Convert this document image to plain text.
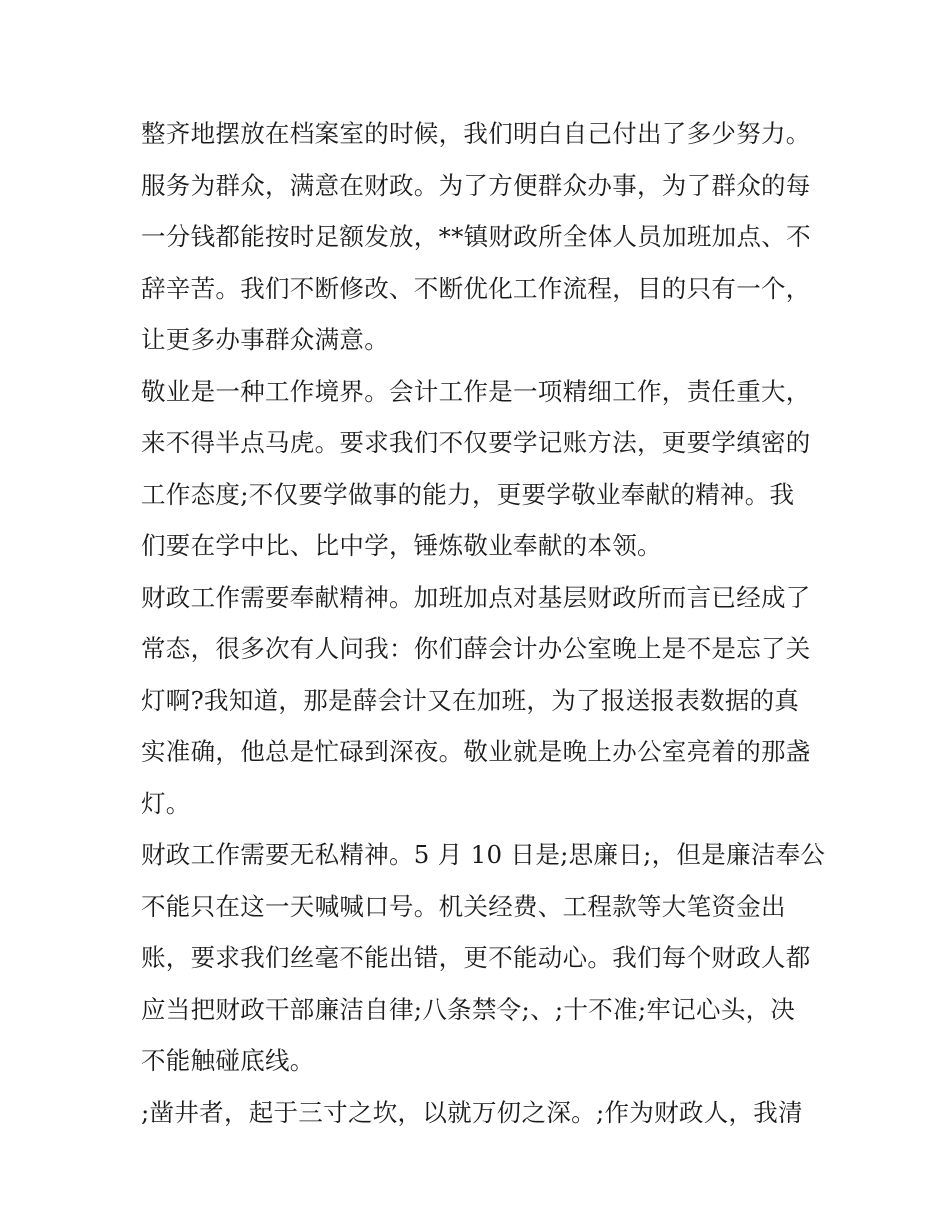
整齐地摆放在档案室的时候，我们明白自己付出了多少努力。
服务为群众，满意在财政。为了方便群众办事，为了群众的每
一分钱都能按时足额发放，**镇财政所全体人员加班加点、不
辞辛苦。我们不断修改、不断优化工作流程，目的只有一个，
让更多办事群众满意。
敬业是一种工作境界。会计工作是一项精细工作，责任重大，
来不得半点马虎。要求我们不仅要学记账方法，更要学缜密的
工作态度;不仅要学做事的能力，更要学敬业奉献的精神。我
们要在学中比、比中学，锤炼敬业奉献的本领。
财政工作需要奉献精神。加班加点对基层财政所而言已经成了
常态，很多次有人问我：你们薛会计办公室晚上是不是忘了关
灯啊?我知道，那是薛会计又在加班，为了报送报表数据的真
实准确，他总是忙碌到深夜。敬业就是晚上办公室亮着的那盏
灯。
财政工作需要无私精神。5 月 10 日是;思廉日;，但是廉洁奉公
不能只在这一天喊喊口号。机关经费、工程款等大笔资金出
账，要求我们丝毫不能出错，更不能动心。我们每个财政人都
应当把财政干部廉洁自律;八条禁令;、;十不准;牢记心头，决
不能触碰底线。
;凿井者，起于三寸之坎，以就万仞之深。;作为财政人，我清
